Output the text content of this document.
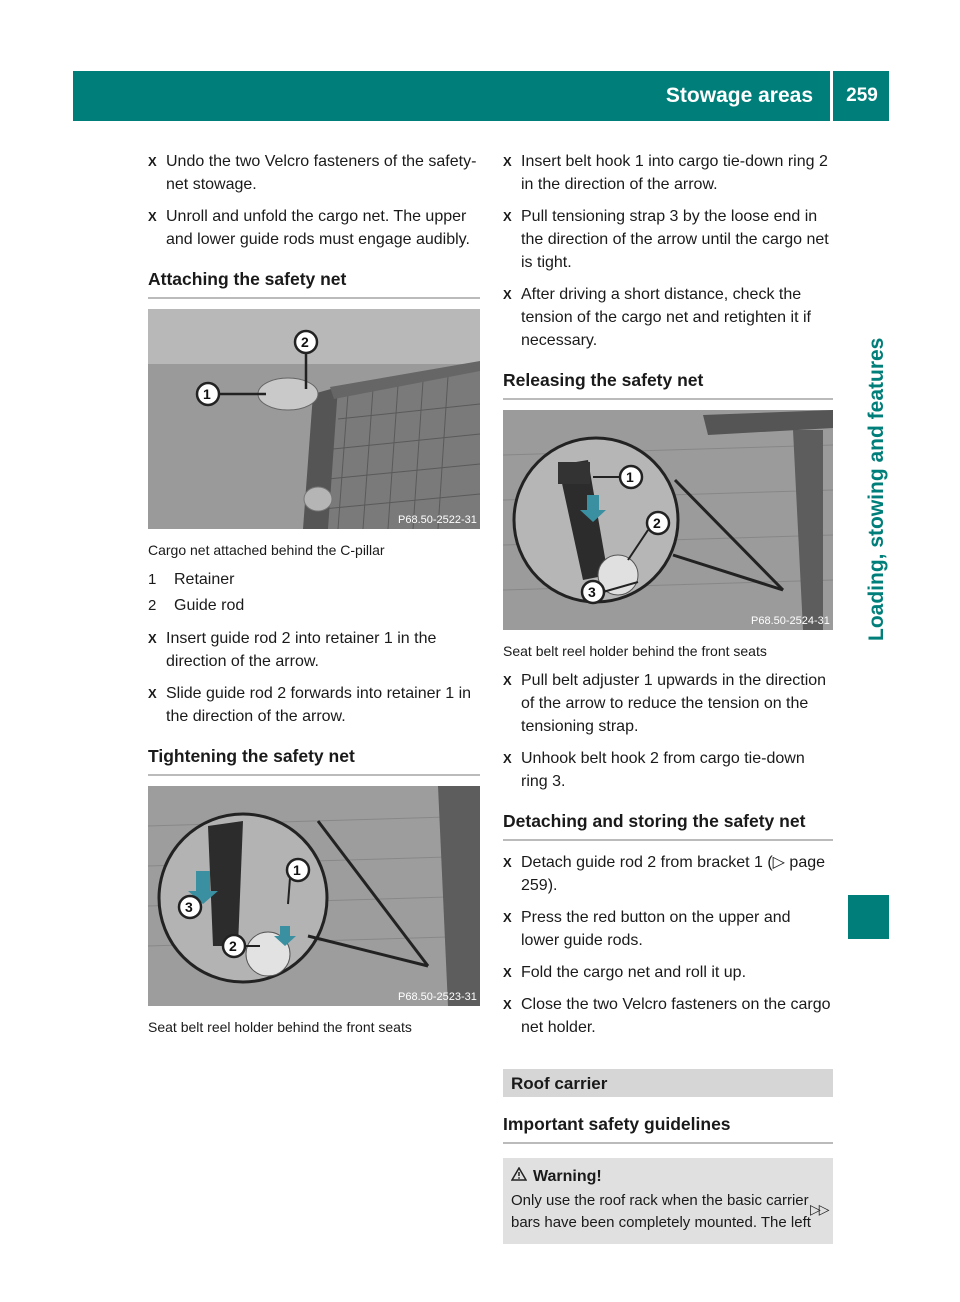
Stowage areas	259
Loading, stowing and features
X Undo the two Velcro fasteners of the safety-net stowage.
X Unroll and unfold the cargo net. The upper and lower guide rods must engage audibly.
Attaching the safety net
1
2
P68.50-2522-31
Cargo net attached behind the C-pillar
1 Retainer
2 Guide rod
X Insert guide rod 2 into retainer 1 in the direction of the arrow.
X Slide guide rod 2 forwards into retainer 1 in the direction of the arrow.
Tightening the safety net
1
2
3
P68.50-2523-31
Seat belt reel holder behind the front seats
X Insert belt hook 1 into cargo tie-down ring 2 in the direction of the arrow.
X Pull tensioning strap 3 by the loose end in the direction of the arrow until the cargo net is tight.
X After driving a short distance, check the tension of the cargo net and retighten it if necessary.
Releasing the safety net
1
2
3
P68.50-2524-31
Seat belt reel holder behind the front seats
X Pull belt adjuster 1 upwards in the direction of the arrow to reduce the tension on the tensioning strap.
X Unhook belt hook 2 from cargo tie-down ring 3.
Detaching and storing the safety net
X Detach guide rod 2 from bracket 1 (▷ page 259).
X Press the red button on the upper and lower guide rods.
X Fold the cargo net and roll it up.
X Close the two Velcro fasteners on the cargo net holder.
Roof carrier
Important safety guidelines
Warning!
Only use the roof rack when the basic carrier bars have been completely mounted. The left
▷▷
